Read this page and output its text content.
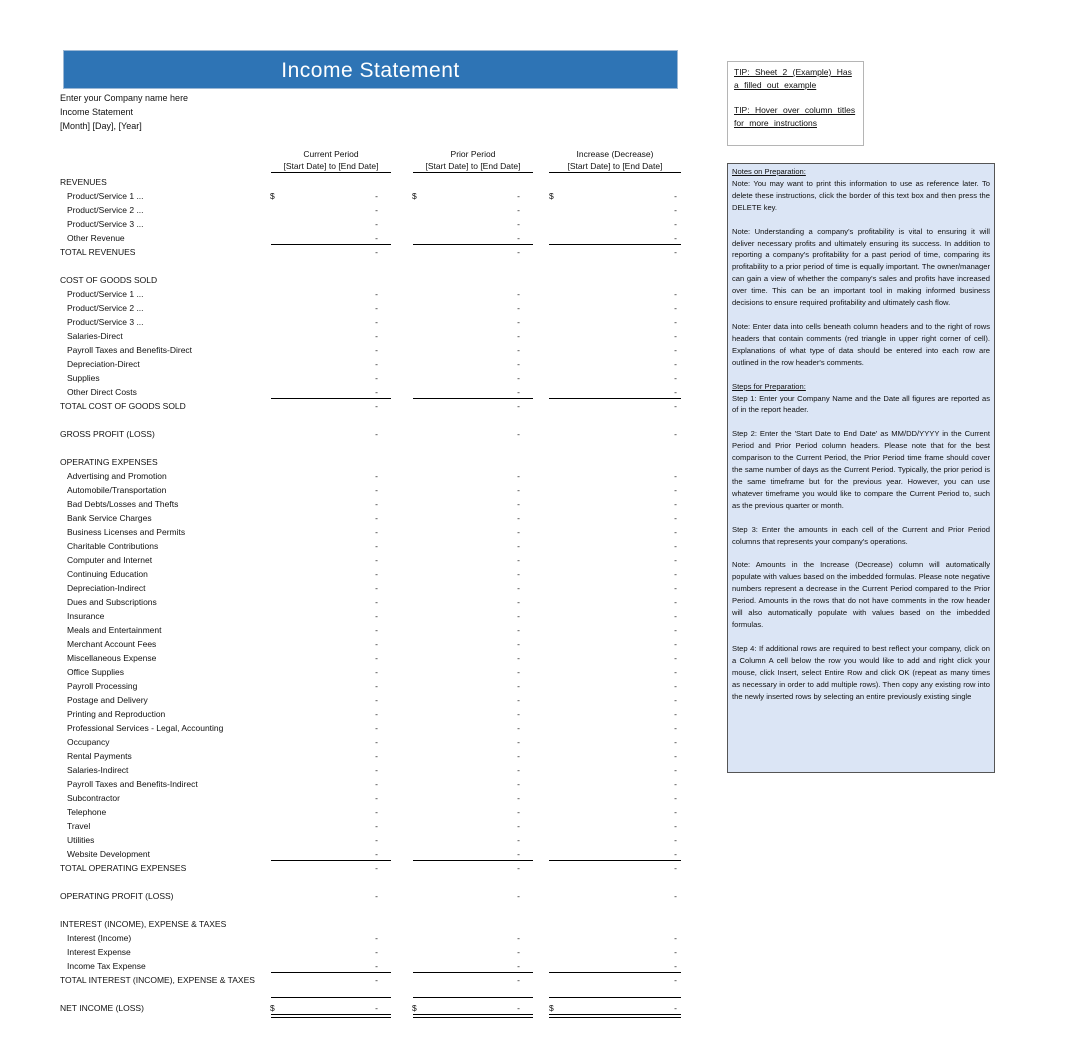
Income Statement
Enter your Company name here
Income Statement
[Month] [Day], [Year]
Current Period
[Start Date] to [End Date]
Prior Period
[Start Date] to [End Date]
Increase (Decrease)
[Start Date] to [End Date]
REVENUES
Product/Service 1 ...	$	-	$	-	$	-
Product/Service 2 ...	-	-	-
Product/Service 3 ...	-	-	-
Other Revenue	-	-	-
TOTAL REVENUES	-	-	-
COST OF GOODS SOLD
Product/Service 1 ...	-	-	-
Product/Service 2 ...	-	-	-
Product/Service 3 ...	-	-	-
Salaries-Direct	-	-	-
Payroll Taxes and Benefits-Direct	-	-	-
Depreciation-Direct	-	-	-
Supplies	-	-	-
Other Direct Costs	-	-	-
TOTAL COST OF GOODS SOLD	-	-	-
GROSS PROFIT (LOSS)	-	-	-
OPERATING EXPENSES
Advertising and Promotion	-	-	-
Automobile/Transportation	-	-	-
Bad Debts/Losses and Thefts	-	-	-
Bank Service Charges	-	-	-
Business Licenses and Permits	-	-	-
Charitable Contributions	-	-	-
Computer and Internet	-	-	-
Continuing Education	-	-	-
Depreciation-Indirect	-	-	-
Dues and Subscriptions	-	-	-
Insurance	-	-	-
Meals and Entertainment	-	-	-
Merchant Account Fees	-	-	-
Miscellaneous Expense	-	-	-
Office Supplies	-	-	-
Payroll Processing	-	-	-
Postage and Delivery	-	-	-
Printing and Reproduction	-	-	-
Professional Services - Legal, Accounting	-	-	-
Occupancy	-	-	-
Rental Payments	-	-	-
Salaries-Indirect	-	-	-
Payroll Taxes and Benefits-Indirect	-	-	-
Subcontractor	-	-	-
Telephone	-	-	-
Travel	-	-	-
Utilities	-	-	-
Website Development	-	-	-
TOTAL OPERATING EXPENSES	-	-	-
OPERATING PROFIT (LOSS)	-	-	-
INTEREST (INCOME), EXPENSE & TAXES
Interest (Income)	-	-	-
Interest Expense	-	-	-
Income Tax Expense	-	-	-
TOTAL INTEREST (INCOME), EXPENSE & TAXES	-	-	-
NET INCOME (LOSS)	$	-	$	-	$	-

TIP: Sheet 2 (Example) Has a filled out example

TIP: Hover over column titles for more instructions

Notes on Preparation:
Note: You may want to print this information to use as reference later. To delete these instructions, click the border of this text box and then press the DELETE key.

Note: Understanding a company's profitability is vital to ensuring it will deliver necessary profits and ultimately ensuring its success. In addition to reporting a company's profitability for a past period of time, comparing its profitability to a prior period of time is equally important. The owner/manager can gain a view of whether the company's sales and profits have increased over time. This can be an important tool in making informed business decisions to ensure required profitability and ultimately cash flow.

Note: Enter data into cells beneath column headers and to the right of rows headers that contain comments (red triangle in upper right corner of cell). Explanations of what type of data should be entered into each row are outlined in the row header's comments.

Steps for Preparation:
Step 1: Enter your Company Name and the Date all figures are reported as of in the report header.

Step 2: Enter the 'Start Date to End Date' as MM/DD/YYYY in the Current Period and Prior Period column headers. Please note that for the best comparison to the Current Period, the Prior Period time frame should cover the same number of days as the Current Period. Typically, the prior period is the same timeframe but for the previous year. However, you can use whatever timeframe you would like to compare the Current Period to, such as the previous quarter or month.

Step 3: Enter the amounts in each cell of the Current and Prior Period columns that represents your company's operations.

Note: Amounts in the Increase (Decrease) column will automatically populate with values based on the imbedded formulas. Please note negative numbers represent a decrease in the Current Period compared to the Prior Period. Amounts in the rows that do not have comments in the row header will also automatically populate with values based on the imbedded formulas.

Step 4: If additional rows are required to best reflect your company, click on a Column A cell below the row you would like to add and right click your mouse, click Insert, select Entire Row and click OK (repeat as many times as necessary in order to add multiple rows). Then copy any existing row into the newly inserted rows by selecting an entire previously existing single
